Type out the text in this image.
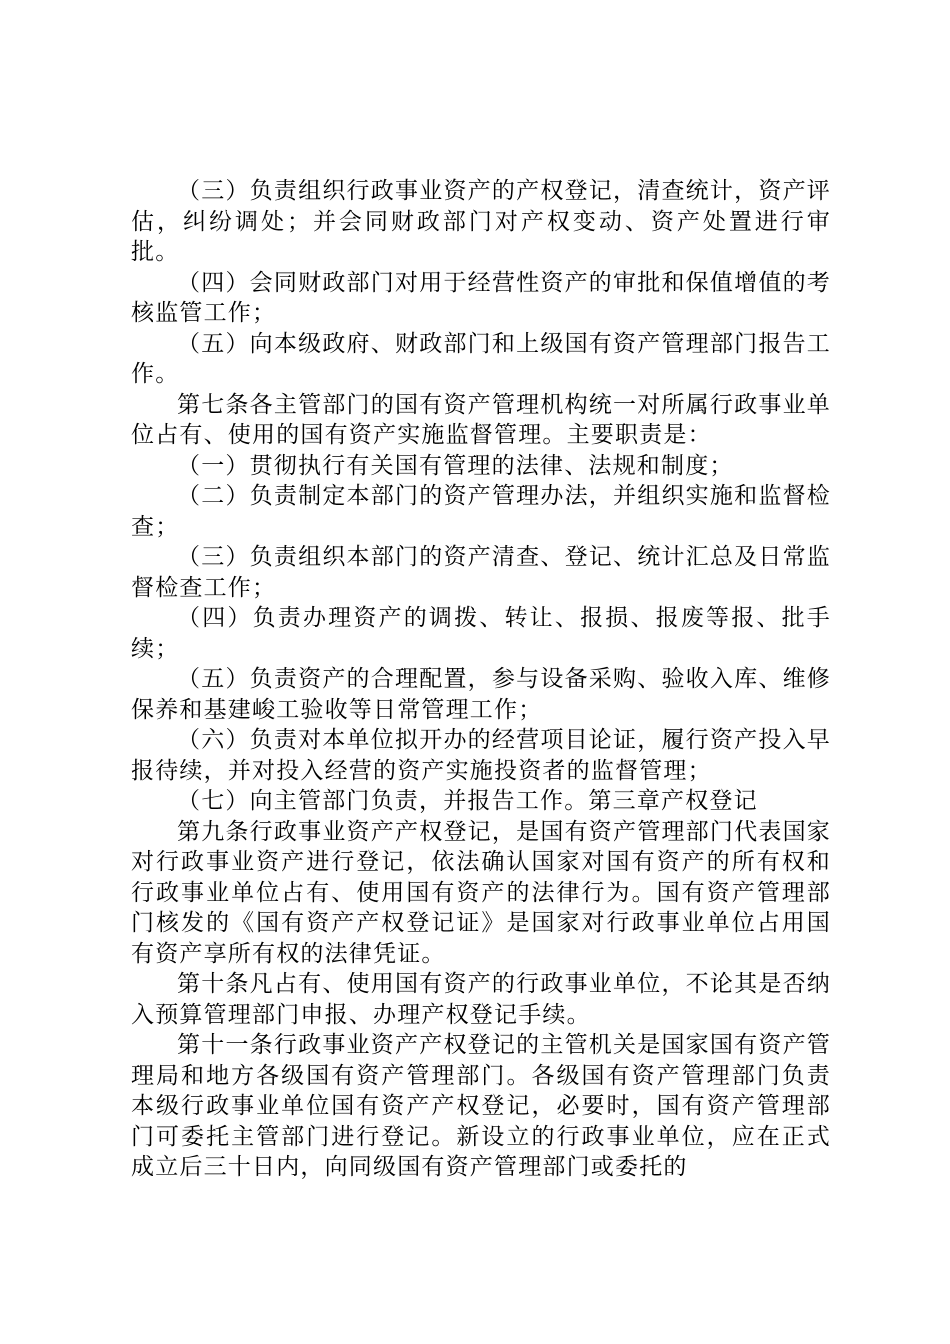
（三）负责组织行政事业资产的产权登记，清查统计，资产评估，纠纷调处；并会同财政部门对产权变动、资产处置进行审批。

（四）会同财政部门对用于经营性资产的审批和保值增值的考核监管工作；

（五）向本级政府、财政部门和上级国有资产管理部门报告工作。

第七条各主管部门的国有资产管理机构统一对所属行政事业单位占有、使用的国有资产实施监督管理。主要职责是：

（一）贯彻执行有关国有管理的法律、法规和制度；

（二）负责制定本部门的资产管理办法，并组织实施和监督检查；

（三）负责组织本部门的资产清查、登记、统计汇总及日常监督检查工作；

（四）负责办理资产的调拨、转让、报损、报废等报、批手续；

（五）负责资产的合理配置，参与设备采购、验收入库、维修保养和基建峻工验收等日常管理工作；

（六）负责对本单位拟开办的经营项目论证，履行资产投入早报待续，并对投入经营的资产实施投资者的监督管理；

（七）向主管部门负责，并报告工作。第三章产权登记

第九条行政事业资产产权登记，是国有资产管理部门代表国家对行政事业资产进行登记，依法确认国家对国有资产的所有权和行政事业单位占有、使用国有资产的法律行为。国有资产管理部门核发的《国有资产产权登记证》是国家对行政事业单位占用国有资产享所有权的法律凭证。

第十条凡占有、使用国有资产的行政事业单位，不论其是否纳入预算管理部门申报、办理产权登记手续。

第十一条行政事业资产产权登记的主管机关是国家国有资产管理局和地方各级国有资产管理部门。各级国有资产管理部门负责本级行政事业单位国有资产产权登记，必要时，国有资产管理部门可委托主管部门进行登记。新设立的行政事业单位，应在正式成立后三十日内，向同级国有资产管理部门或委托的
